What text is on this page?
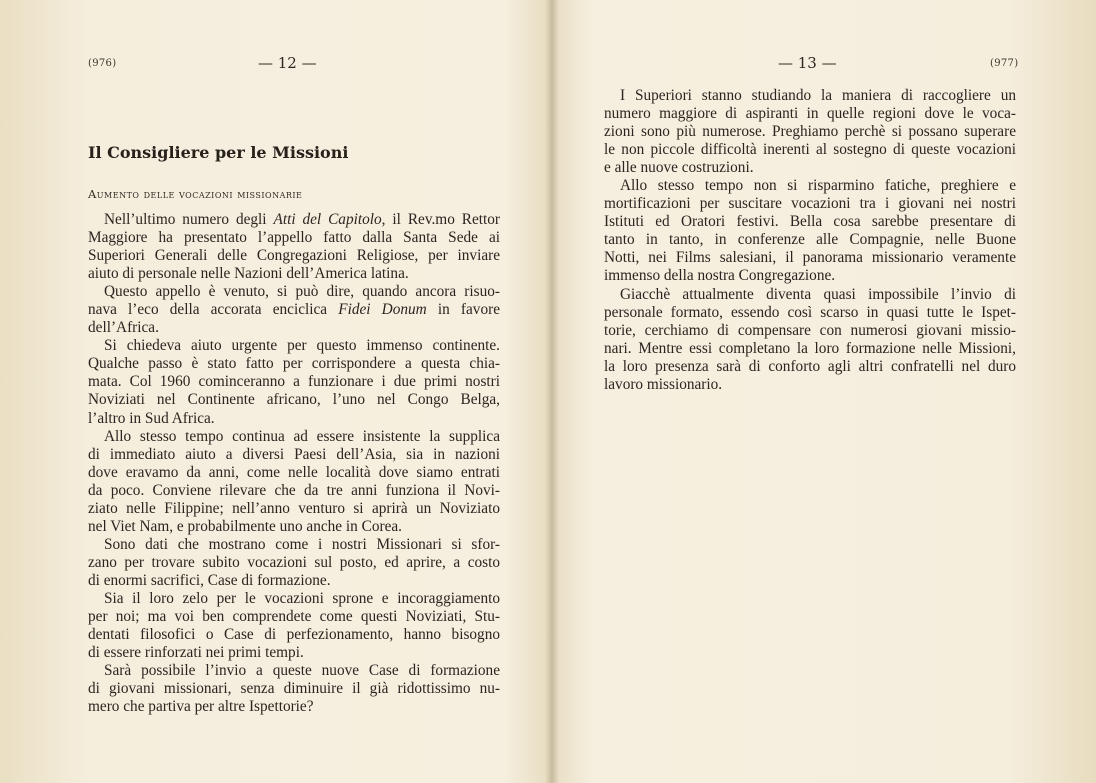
(976)	— 12 —
Il Consigliere per le Missioni
Aumento delle vocazioni missionarie
Nell’ultimo numero degli Atti del Capitolo, il Rev.mo Rettor
Maggiore ha presentato l’appello fatto dalla Santa Sede ai
Superiori Generali delle Congregazioni Religiose, per inviare
aiuto di personale nelle Nazioni dell’America latina.
Questo appello è venuto, si può dire, quando ancora risuo-
nava l’eco della accorata enciclica Fidei Donum in favore
dell’Africa.
Si chiedeva aiuto urgente per questo immenso continente.
Qualche passo è stato fatto per corrispondere a questa chia-
mata. Col 1960 cominceranno a funzionare i due primi nostri
Noviziati nel Continente africano, l’uno nel Congo Belga,
l’altro in Sud Africa.
Allo stesso tempo continua ad essere insistente la supplica
di immediato aiuto a diversi Paesi dell’Asia, sia in nazioni
dove eravamo da anni, come nelle località dove siamo entrati
da poco. Conviene rilevare che da tre anni funziona il Novi-
ziato nelle Filippine; nell’anno venturo si aprirà un Noviziato
nel Viet Nam, e probabilmente uno anche in Corea.
Sono dati che mostrano come i nostri Missionari si sfor-
zano per trovare subito vocazioni sul posto, ed aprire, a costo
di enormi sacrifici, Case di formazione.
Sia il loro zelo per le vocazioni sprone e incoraggiamento
per noi; ma voi ben comprendete come questi Noviziati, Stu-
dentati filosofici o Case di perfezionamento, hanno bisogno
di essere rinforzati nei primi tempi.
Sarà possibile l’invio a queste nuove Case di formazione
di giovani missionari, senza diminuire il già ridottissimo nu-
mero che partiva per altre Ispettorie?
— 13 —	(977)
I Superiori stanno studiando la maniera di raccogliere un
numero maggiore di aspiranti in quelle regioni dove le voca-
zioni sono più numerose. Preghiamo perchè si possano superare
le non piccole difficoltà inerenti al sostegno di queste vocazioni
e alle nuove costruzioni.
Allo stesso tempo non si risparmino fatiche, preghiere e
mortificazioni per suscitare vocazioni tra i giovani nei nostri
Istituti ed Oratori festivi. Bella cosa sarebbe presentare di
tanto in tanto, in conferenze alle Compagnie, nelle Buone
Notti, nei Films salesiani, il panorama missionario veramente
immenso della nostra Congregazione.
Giacchè attualmente diventa quasi impossibile l’invio di
personale formato, essendo così scarso in quasi tutte le Ispet-
torie, cerchiamo di compensare con numerosi giovani missio-
nari. Mentre essi completano la loro formazione nelle Missioni,
la loro presenza sarà di conforto agli altri confratelli nel duro
lavoro missionario.
